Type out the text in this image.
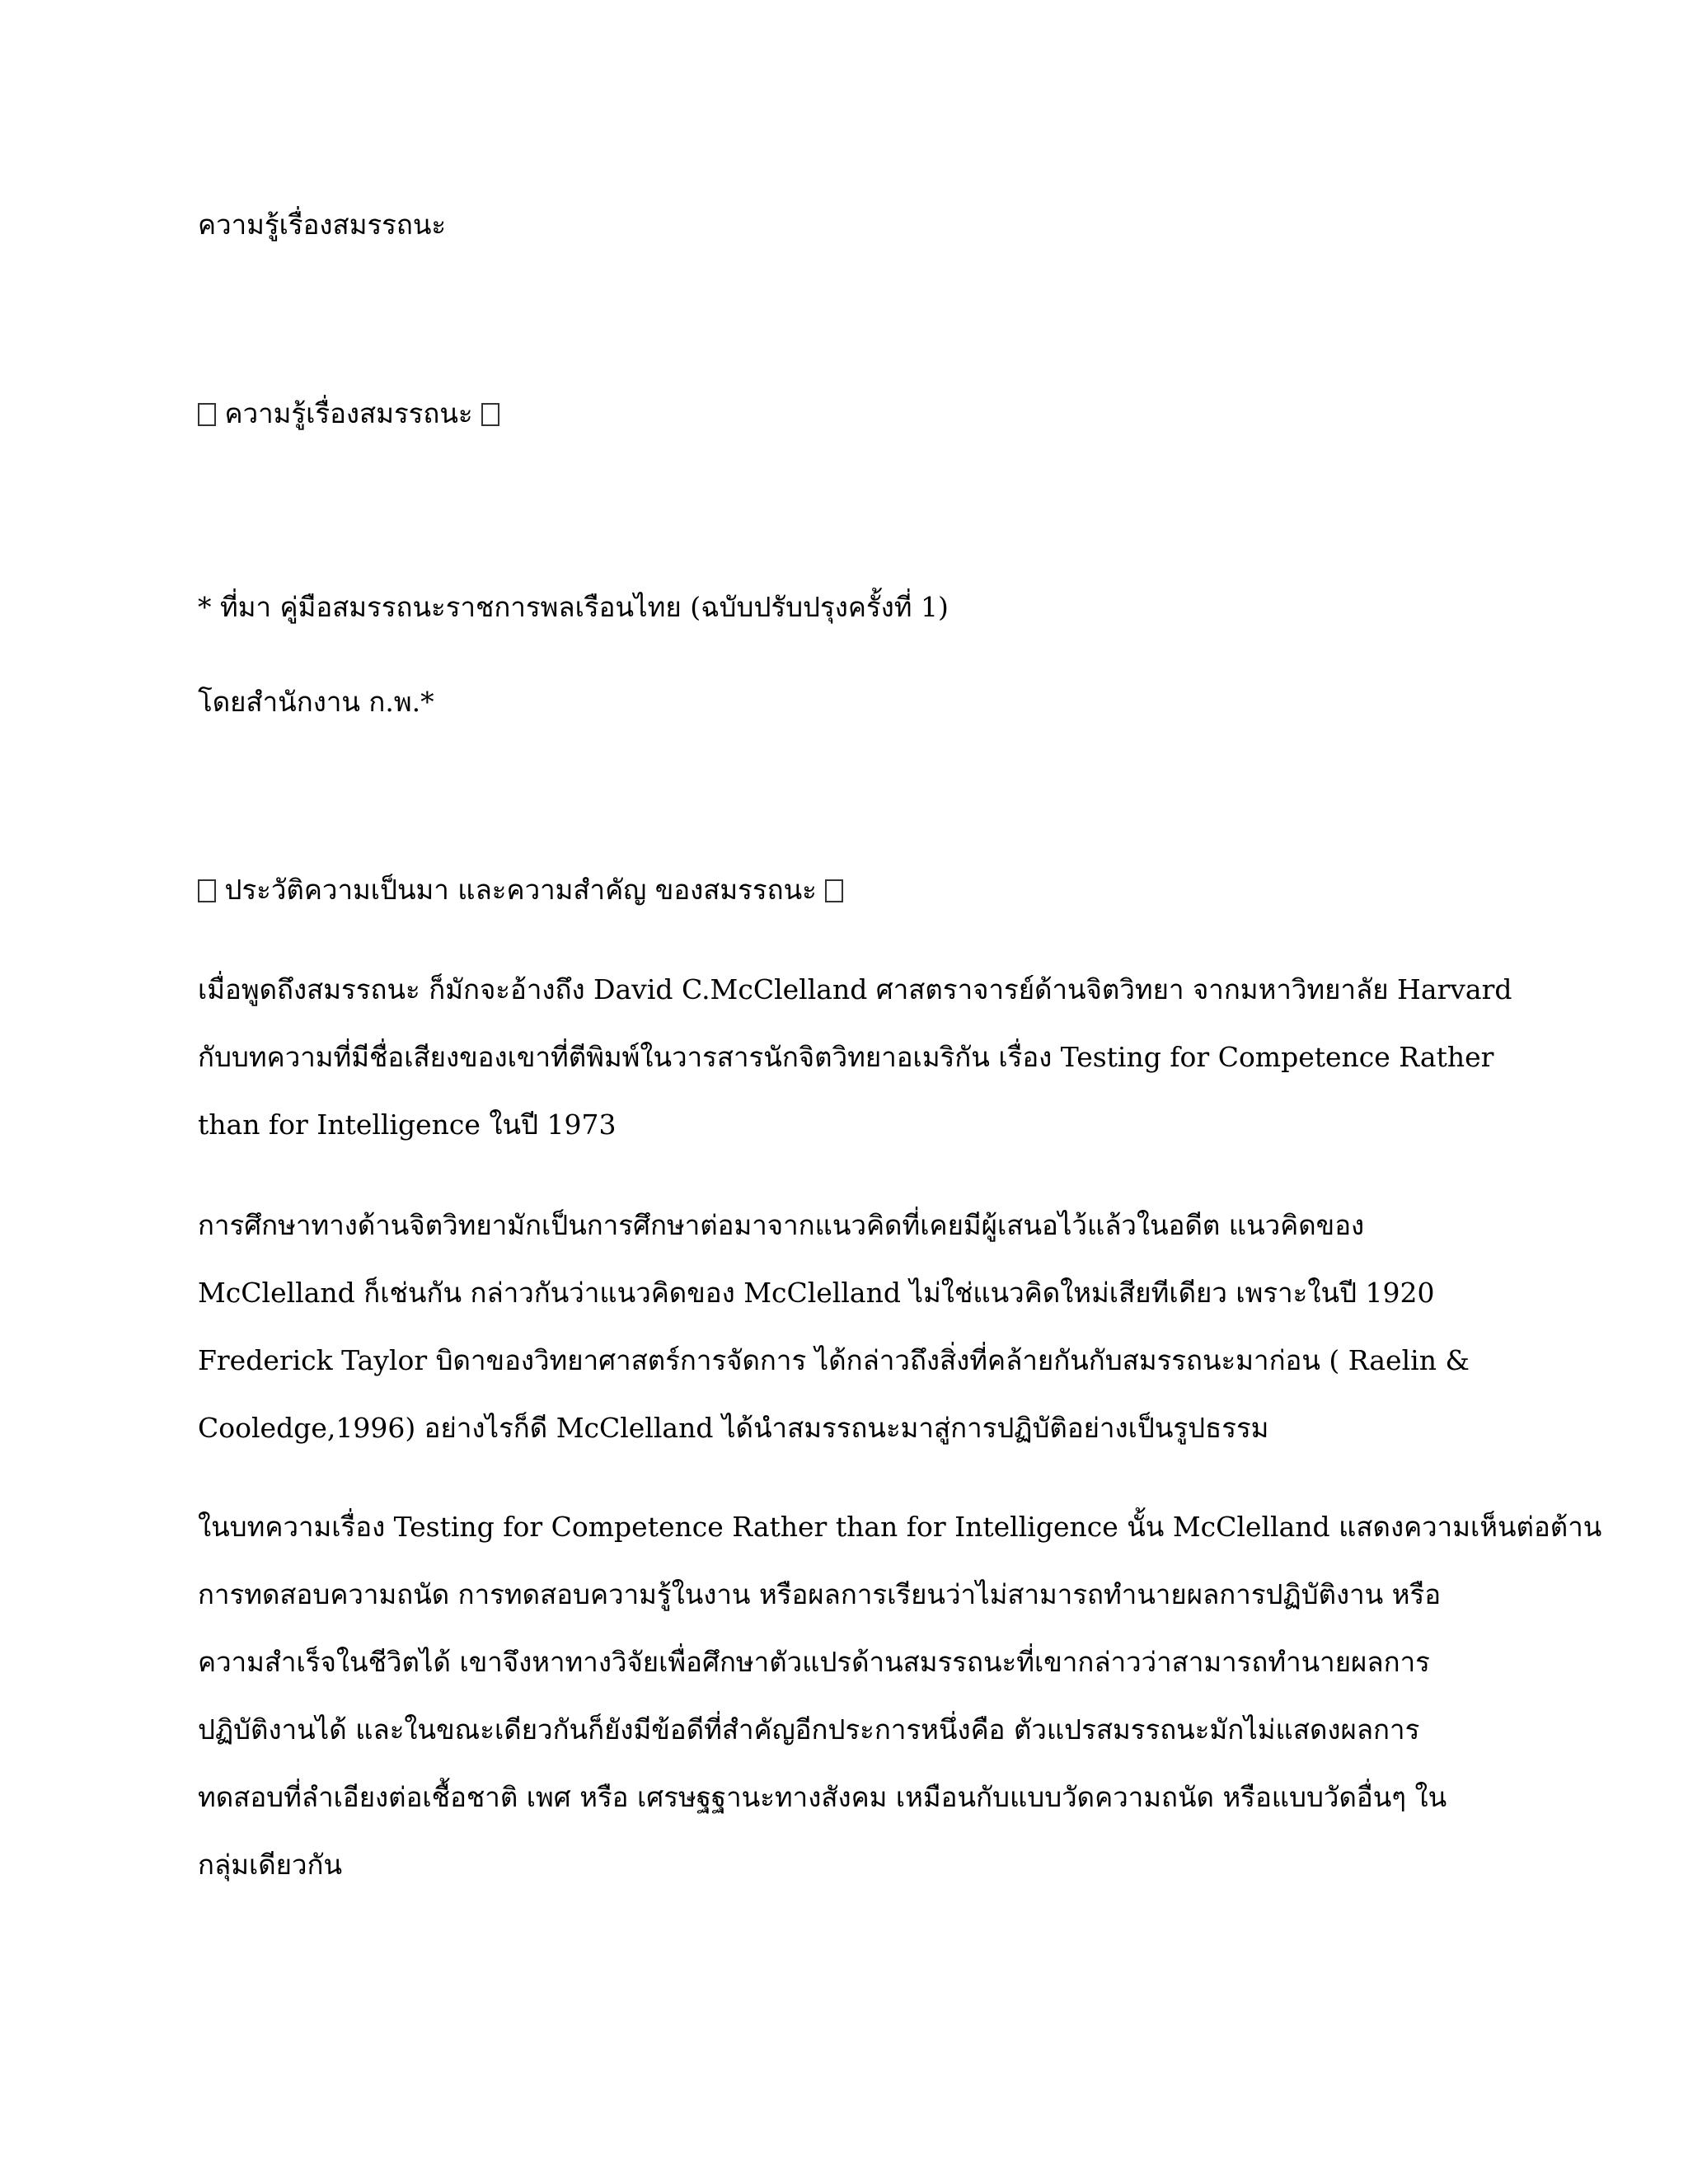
ความรู้เรื่องสมรรถนะ
ความรู้เรื่องสมรรถนะ
* ที่มา คู่มือสมรรถนะราชการพลเรือนไทย (ฉบับปรับปรุงครั้งที่ 1)
โดยสำนักงาน ก.พ.*
ประวัติความเป็นมา และความสำคัญ ของสมรรถนะ

เมื่อพูดถึงสมรรถนะ ก็มักจะอ้างถึง David C.McClelland ศาสตราจารย์ด้านจิตวิทยา จากมหาวิทยาลัย Harvard

กับบทความที่มีชื่อเสียงของเขาที่ตีพิมพ์ในวารสารนักจิตวิทยาอเมริกัน เรื่อง Testing for Competence Rather

than for Intelligence ในปี 1973

การศึกษาทางด้านจิตวิทยามักเป็นการศึกษาต่อมาจากแนวคิดที่เคยมีผู้เสนอไว้แล้วในอดีต แนวคิดของ

McClelland ก็เช่นกัน กล่าวกันว่าแนวคิดของ McClelland ไม่ใช่แนวคิดใหม่เสียทีเดียว เพราะในปี 1920

Frederick Taylor บิดาของวิทยาศาสตร์การจัดการ ได้กล่าวถึงสิ่งที่คล้ายกันกับสมรรถนะมาก่อน ( Raelin &

Cooledge,1996) อย่างไรก็ดี McClelland ได้นำสมรรถนะมาสู่การปฏิบัติอย่างเป็นรูปธรรม

ในบทความเรื่อง Testing for Competence Rather than for Intelligence นั้น McClelland แสดงความเห็นต่อต้าน

การทดสอบความถนัด การทดสอบความรู้ในงาน หรือผลการเรียนว่าไม่สามารถทำนายผลการปฏิบัติงาน หรือ

ความสำเร็จในชีวิตได้ เขาจึงหาทางวิจัยเพื่อศึกษาตัวแปรด้านสมรรถนะที่เขากล่าวว่าสามารถทำนายผลการ

ปฏิบัติงานได้ และในขณะเดียวกันก็ยังมีข้อดีที่สำคัญอีกประการหนึ่งคือ ตัวแปรสมรรถนะมักไม่แสดงผลการ

ทดสอบที่ลำเอียงต่อเชื้อชาติ เพศ หรือ เศรษฐฐานะทางสังคม เหมือนกับแบบวัดความถนัด หรือแบบวัดอื่นๆ ใน

กลุ่มเดียวกัน
